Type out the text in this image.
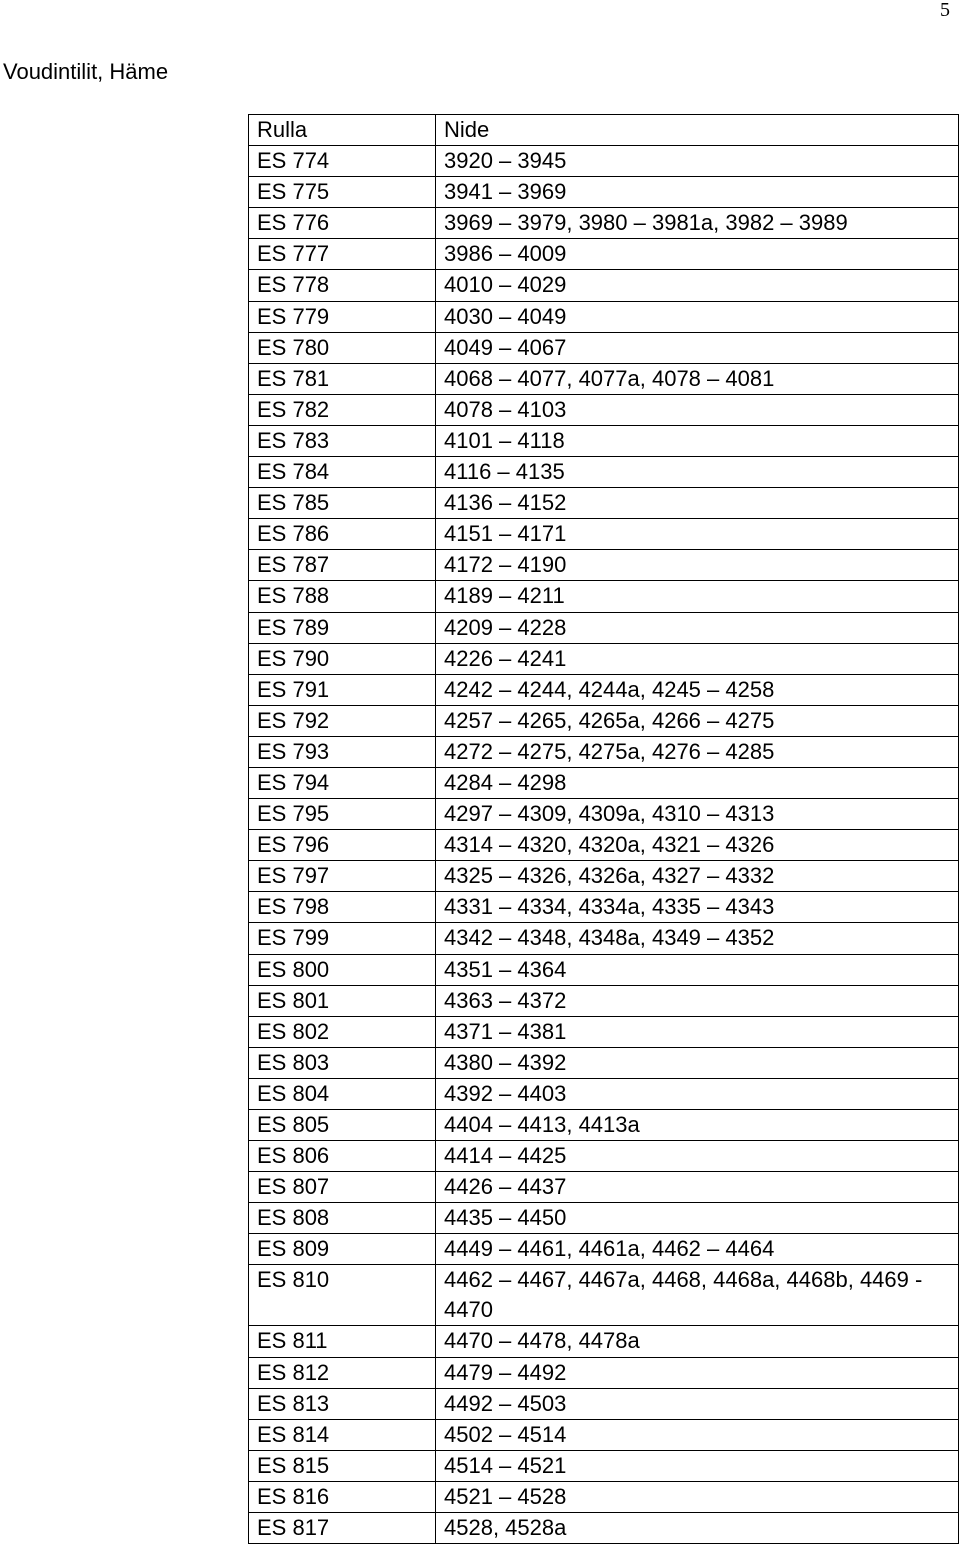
5
Voudintilit, Häme
Rulla	Nide
ES 774	3920 – 3945
ES 775	3941 – 3969
ES 776	3969 – 3979, 3980 – 3981a, 3982 – 3989
ES 777	3986 – 4009
ES 778	4010 – 4029
ES 779	4030 – 4049
ES 780	4049 – 4067
ES 781	4068 – 4077, 4077a, 4078 – 4081
ES 782	4078 – 4103
ES 783	4101 – 4118
ES 784	4116 – 4135
ES 785	4136 – 4152
ES 786	4151 – 4171
ES 787	4172 – 4190
ES 788	4189 – 4211
ES 789	4209 – 4228
ES 790	4226 – 4241
ES 791	4242 – 4244, 4244a, 4245 – 4258
ES 792	4257 – 4265, 4265a, 4266 – 4275
ES 793	4272 – 4275, 4275a, 4276 – 4285
ES 794	4284 – 4298
ES 795	4297 – 4309, 4309a, 4310 – 4313
ES 796	4314 – 4320, 4320a, 4321 – 4326
ES 797	4325 – 4326, 4326a, 4327 – 4332
ES 798	4331 – 4334, 4334a, 4335 – 4343
ES 799	4342 – 4348, 4348a, 4349 – 4352
ES 800	4351 – 4364
ES 801	4363 – 4372
ES 802	4371 – 4381
ES 803	4380 – 4392
ES 804	4392 – 4403
ES 805	4404 – 4413, 4413a
ES 806	4414 – 4425
ES 807	4426 – 4437
ES 808	4435 – 4450
ES 809	4449 – 4461, 4461a, 4462 – 4464
ES 810	4462 – 4467, 4467a, 4468, 4468a, 4468b, 4469 - 4470
ES 811	4470 – 4478, 4478a
ES 812	4479 – 4492
ES 813	4492 – 4503
ES 814	4502 – 4514
ES 815	4514 – 4521
ES 816	4521 – 4528
ES 817	4528, 4528a
